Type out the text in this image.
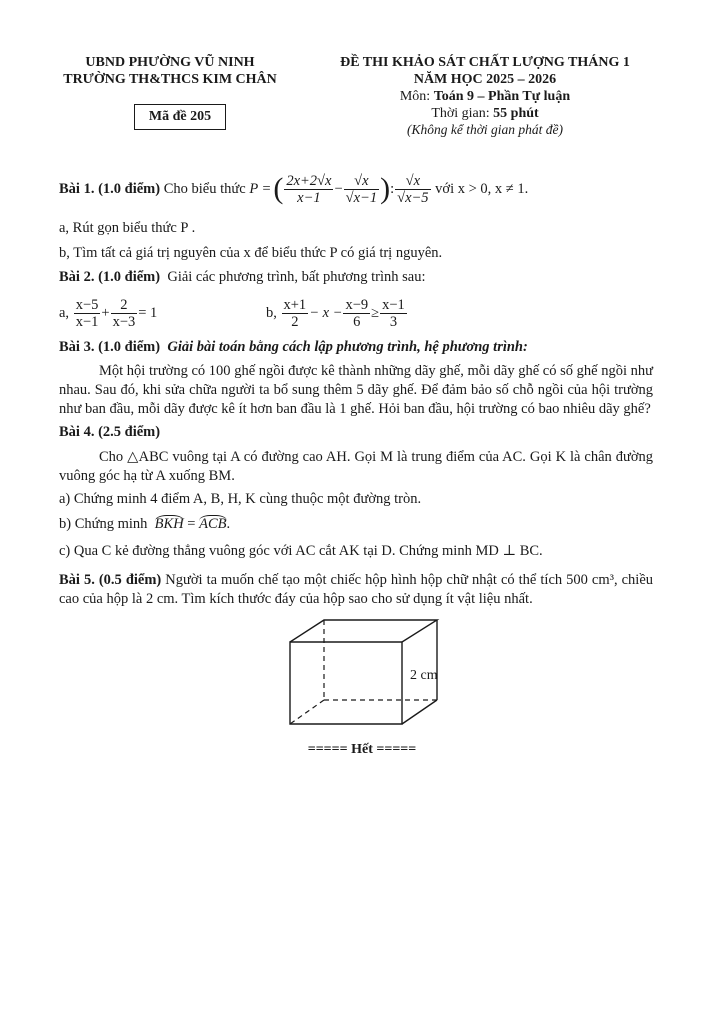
UBND PHƯỜNG VŨ NINH
TRƯỜNG TH&THCS KIM CHÂN
Mã đề 205
ĐỀ THI KHẢO SÁT CHẤT LƯỢNG THÁNG 1
NĂM HỌC 2025 – 2026
Môn: Toán 9 – Phần Tự luận
Thời gian: 55 phút
(Không kể thời gian phát đề)
Bài 1. (1.0 điểm)
Cho biểu thức
P = ( $\frac{2x+2√x}{x-1} - \frac{√x}{√x-1}$ ) : $\frac{√x}{√x-5}$
với x > 0, x ≠ 1.
a, Rút gọn biểu thức P .
b, Tìm tất cả giá trị nguyên của x để biểu thức P có giá trị nguyên.
Bài 2. (1.0 điểm) Giải các phương trình, bất phương trình sau:
a,
$\frac{x-5}{x-1} + \frac{2}{x-3} = 1$	b,
$\frac{x+1}{2} - x - \frac{x-9}{6} \ge \frac{x-1}{3}$
Bài 3. (1.0 điểm) Giải bài toán bằng cách lập phương trình, hệ phương trình:
Một hội trường có 100 ghế ngồi được kê thành những dãy ghế, mỗi dãy ghế có số ghế ngồi như nhau. Sau đó, khi sửa chữa người ta bổ sung thêm 5 dãy ghế. Để đảm bảo số chỗ ngồi của hội trường như ban đầu, mỗi dãy được kê ít hơn ban đầu là 1 ghế. Hỏi ban đầu, hội trường có bao nhiêu dãy ghế?
Bài 4. (2.5 điểm)
Cho △ABC vuông tại A có đường cao AH. Gọi M là trung điểm của AC. Gọi K là chân đường vuông góc hạ từ A xuống BM.
a) Chứng minh 4 điểm A, B, H, K cùng thuộc một đường tròn.
b) Chứng minh BKH = ACB.
c) Qua C kẻ đường thẳng vuông góc với AC cắt AK tại D. Chứng minh MD ⊥ BC.
Bài 5. (0.5 điểm) Người ta muốn chế tạo một chiếc hộp hình hộp chữ nhật có thể tích 500 cm³, chiều cao của hộp là 2 cm. Tìm kích thước đáy của hộp sao cho sử dụng ít vật liệu nhất.
2 cm
===== Hết =====
